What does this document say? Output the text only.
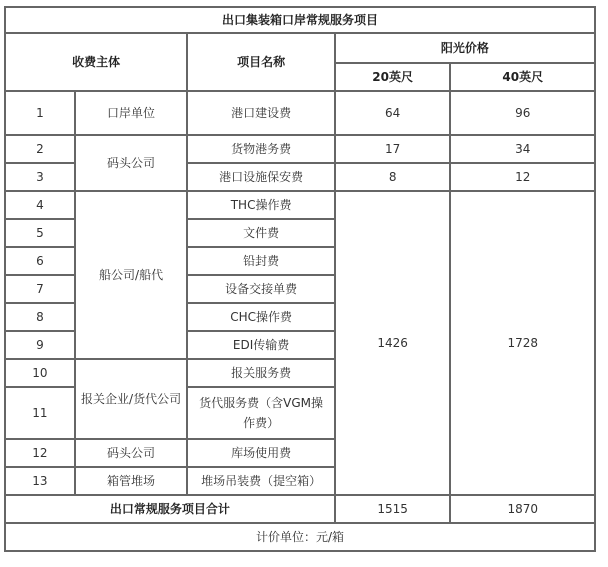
出口集装箱口岸常规服务项目				
收费主体		项目名称	阳光价格	
			20英尺	40英尺
1	口岸单位	港口建设费	64	96
2	码头公司	货物港务费	17	34
3		港口设施保安费	8	12
4	船公司/船代	THC操作费	1426	1728
5		文件费		
6		铅封费		
7		设备交接单费		
8		CHC操作费		
9		EDI传输费		
10	报关企业/货代公司	报关服务费		
11		货代服务费（含VGM操作费）		
12	码头公司	库场使用费		
13	箱管堆场	堆场吊装费（提空箱）		
出口常规服务项目合计			1515	1870
计价单位：元/箱				
